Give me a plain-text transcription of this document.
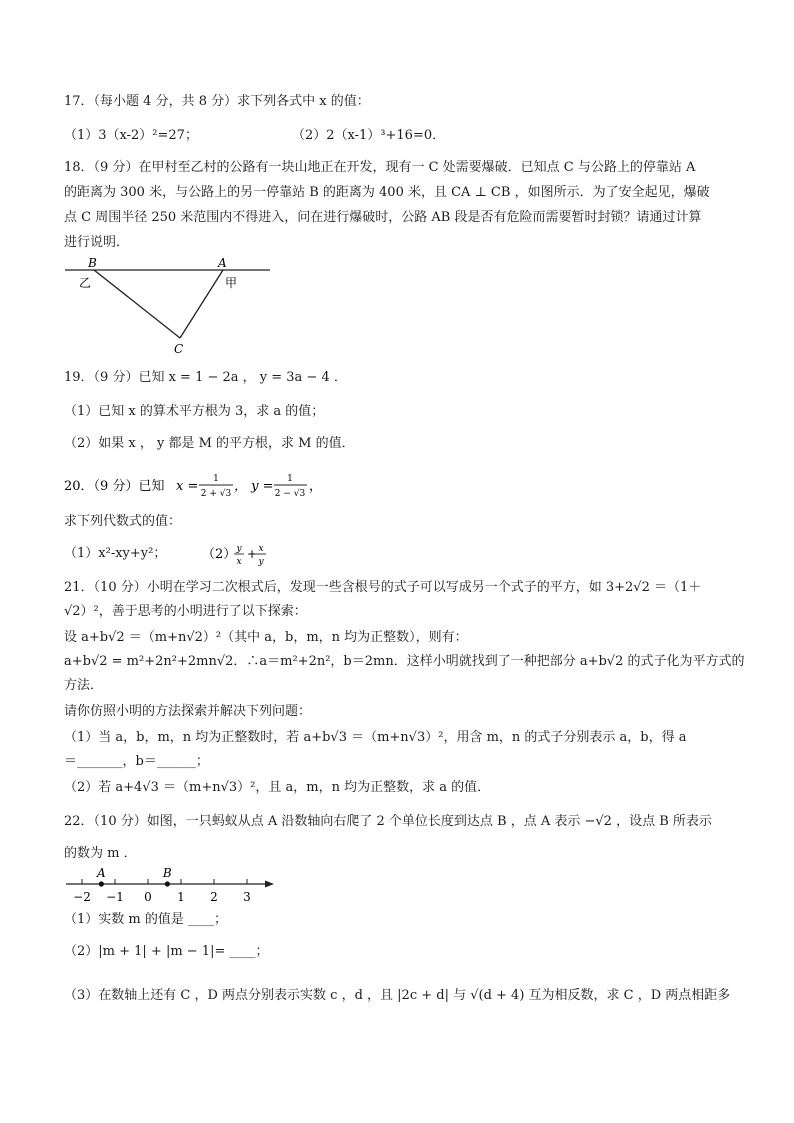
17．（每小题 4 分，共 8 分）求下列各式中 x 的值：
（1）3（x-2）²=27；	（2）2（x-1）³+16=0．
18．（9 分）在甲村至乙村的公路有一块山地正在开发，现有一 C 处需要爆破．已知点 C 与公路上的停靠站 A
的距离为 300 米，与公路上的另一停靠站 B 的距离为 400 米，且 CA ⊥ CB ，如图所示．为了安全起见，爆破
点 C 周围半径 250 米范围内不得进入，问在进行爆破时，公路 AB 段是否有危险而需要暂时封锁？请通过计算
进行说明．
B	A
C
乙	甲
19．（9 分）已知 x = 1 − 2a ， y = 3a − 4 ．
（1）已知 x 的算术平方根为 3，求 a 的值；
（2）如果 x ， y 都是 M 的平方根，求 M 的值．
20．（9 分）已知 x = 1
2 + √3 ， y = 1
2 − √3 ，
求下列代数式的值：
（1）x²-xy+y²；	（2） y
x
+ x
y
21．（10 分）小明在学习二次根式后，发现一些含根号的式子可以写成另一个式子的平方，如 3+2√2 ＝（1＋
√2）²，善于思考的小明进行了以下探索：
设 a+b√2 ＝（m+n√2）²（其中 a，b，m，n 均为正整数），则有：
a+b√2 = m²+2n²+2mn√2．∴a＝m²+2n²，b＝2mn．这样小明就找到了一种把部分 a+b√2 的式子化为平方式的
方法．
请你仿照小明的方法探索并解决下列问题：
（1）当 a，b，m，n 均为正整数时，若 a+b√3 ＝（m+n√3）²，用含 m，n 的式子分别表示 a，b，得 a
＝_______，b＝______；
（2）若 a+4√3 ＝（m+n√3）²，且 a，m，n 均为正整数，求 a 的值．
22．（10 分）如图，一只蚂蚁从点 A 沿数轴向右爬了 2 个单位长度到达点 B ，点 A 表示 −√2 ，设点 B 所表示
的数为 m ．
−2 −1 0 1 2 3
A	B
（1）实数 m 的值是 ____；
（2）|m + 1| + |m − 1|= ____；
（3）在数轴上还有 C ，D 两点分别表示实数 c ，d ，且 |2c + d| 与 √(d + 4) 互为相反数，求 C ，D 两点相距多
